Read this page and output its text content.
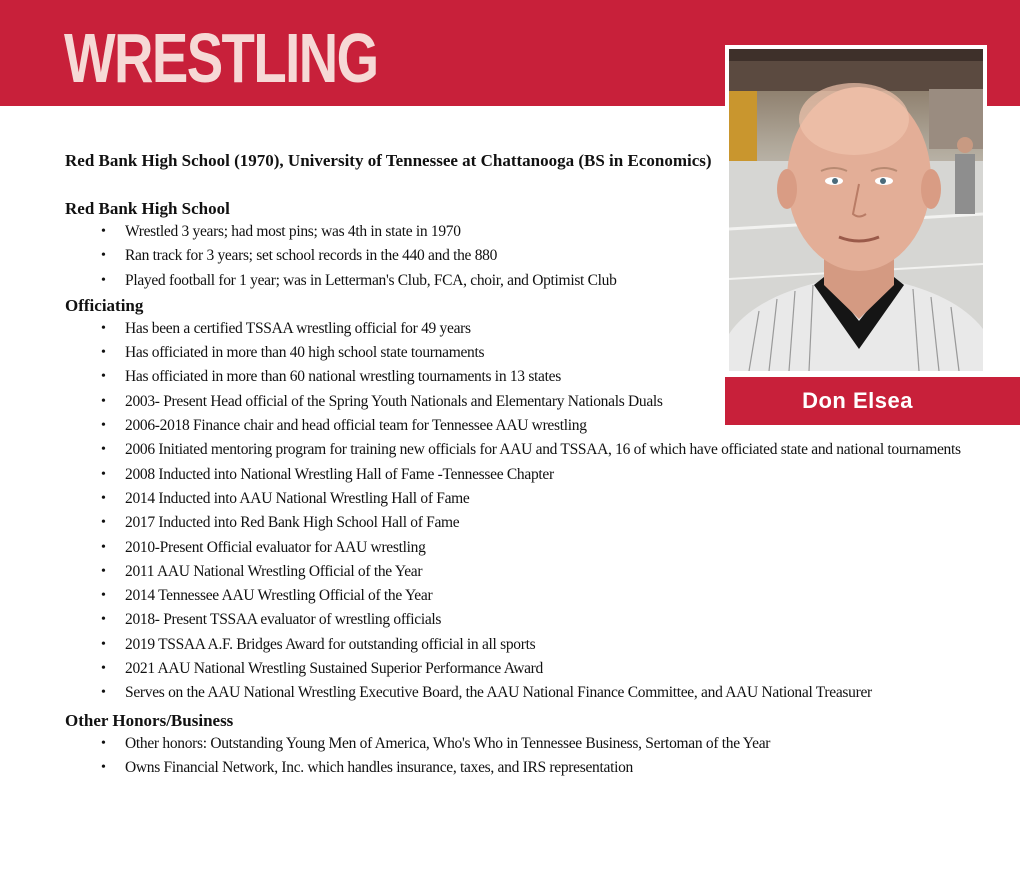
WRESTLING
Red Bank High School (1970), University of Tennessee at Chattanooga (BS in Economics)
Red Bank High School
• Wrestled 3 years; had most pins; was 4th in state in 1970
• Ran track for 3 years; set school records in the 440 and the 880
• Played football for 1 year; was in Letterman's Club, FCA, choir, and Optimist Club
Officiating
• Has been a certified TSSAA wrestling official for 49 years
• Has officiated in more than 40 high school state tournaments
• Has officiated in more than 60 national wrestling tournaments in 13 states
• 2003- Present Head official of the Spring Youth Nationals and Elementary Nationals Duals
• 2006-2018 Finance chair and head official team for Tennessee AAU wrestling
• 2006 Initiated mentoring program for training new officials for AAU and TSSAA, 16 of which have officiated state and national tournaments
• 2008 Inducted into National Wrestling Hall of Fame -Tennessee Chapter
• 2014 Inducted into AAU National Wrestling Hall of Fame
• 2017 Inducted into Red Bank High School Hall of Fame
• 2010-Present Official evaluator for AAU wrestling
• 2011 AAU National Wrestling Official of the Year
• 2014 Tennessee AAU Wrestling Official of the Year
• 2018- Present TSSAA evaluator of wrestling officials
• 2019 TSSAA A.F. Bridges Award for outstanding official in all sports
• 2021 AAU National Wrestling Sustained Superior Performance Award
• Serves on the AAU National Wrestling Executive Board, the AAU National Finance Committee, and AAU National Treasurer
Other Honors/Business
• Other honors: Outstanding Young Men of America, Who's Who in Tennessee Business, Sertoman of the Year
• Owns Financial Network, Inc. which handles insurance, taxes, and IRS representation
Don Elsea
